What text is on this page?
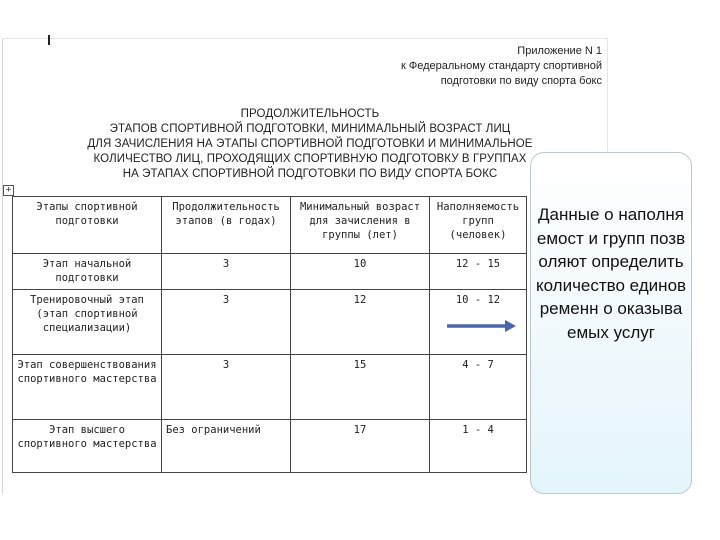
Приложение N 1
к Федеральному стандарту спортивной
подготовки по виду спорта бокс
ПРОДОЛЖИТЕЛЬНОСТЬ
ЭТАПОВ СПОРТИВНОЙ ПОДГОТОВКИ, МИНИМАЛЬНЫЙ ВОЗРАСТ ЛИЦ
ДЛЯ ЗАЧИСЛЕНИЯ НА ЭТАПЫ СПОРТИВНОЙ ПОДГОТОВКИ И МИНИМАЛЬНОЕ
КОЛИЧЕСТВО ЛИЦ, ПРОХОДЯЩИХ СПОРТИВНУЮ ПОДГОТОВКУ В ГРУППАХ
НА ЭТАПАХ СПОРТИВНОЙ ПОДГОТОВКИ ПО ВИДУ СПОРТА БОКС
+
Этапы спортивной подготовки	Продолжительность этапов (в годах)	Минимальный возраст для зачисления в группы (лет)	Наполняемость групп (человек)
Этап начальной подготовки	3	10	12 - 15
Тренировочный этап (этап спортивной специализации)	3	12	10 - 12
Этап совершенствования спортивного мастерства	3	15	4 - 7
Этап высшего спортивного мастерства	Без ограничений	17	1 - 4
Данные о наполняемост и групп позволяют определить количество единовременн о оказываемых услуг
